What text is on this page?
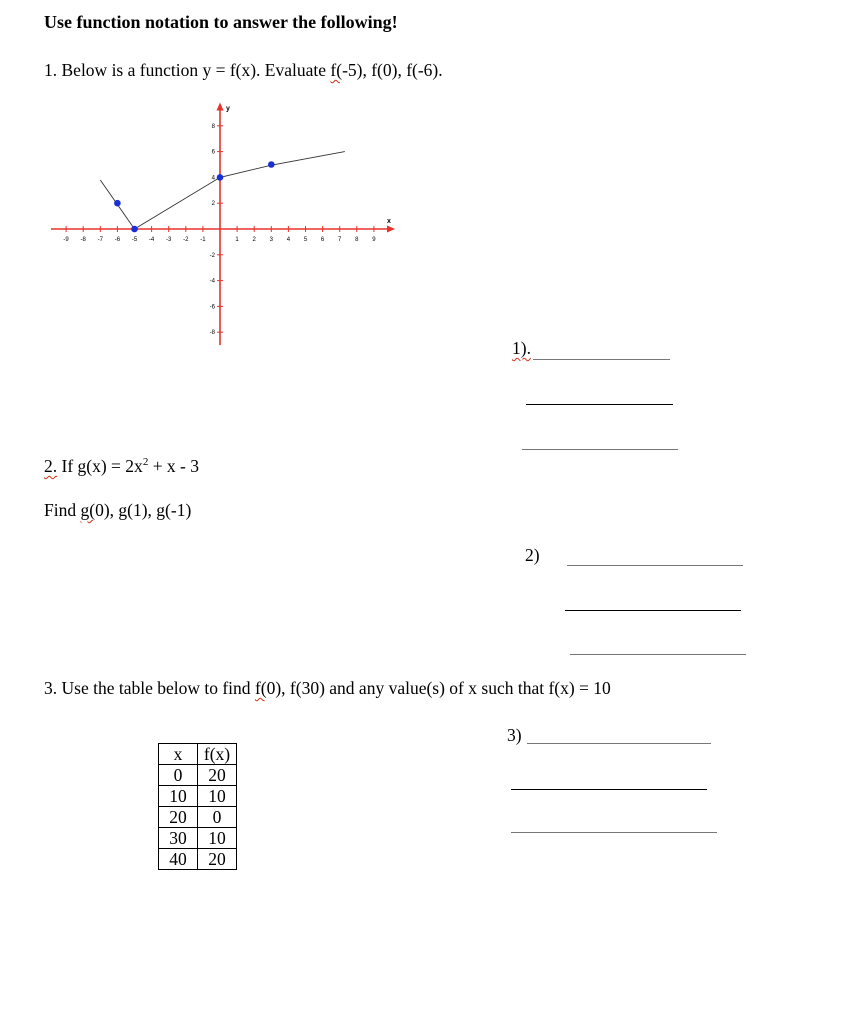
Use function notation to answer the following!
1. Below is a function y = f(x). Evaluate f(-5), f(0), f(-6).
x
y
-9 -8 -7 -6 -5 -4 -3 -2 -1	1 2 3 4 5 6 7 8 9
8
6
4
2
-2
-4
-6
-8
1).
2. If $g(x) = 2x^2 + x - 3$
Find g(0), g(1), g(-1)
2)
3. Use the table below to find f(0), f(30) and any value(s) of x such that f(x) = 10
3)
x	f(x)
0	20
10	10
20	0
30	10
40	20
